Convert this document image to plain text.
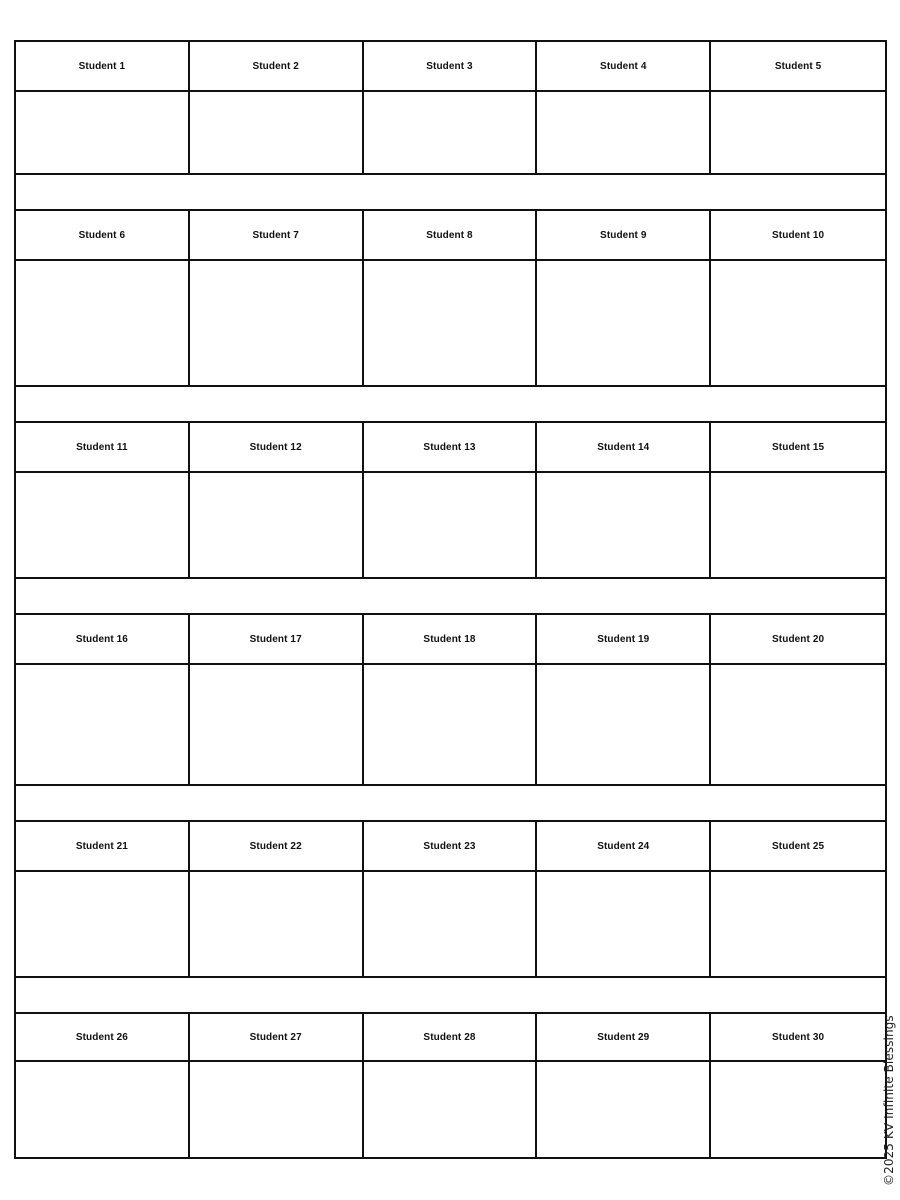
Student 1	Student 2	Student 3	Student 4	Student 5
Student 6	Student 7	Student 8	Student 9	Student 10
Student 11	Student 12	Student 13	Student 14	Student 15
Student 16	Student 17	Student 18	Student 19	Student 20
Student 21	Student 22	Student 23	Student 24	Student 25
Student 26	Student 27	Student 28	Student 29	Student 30	©2025 KV Infinite Blessings
